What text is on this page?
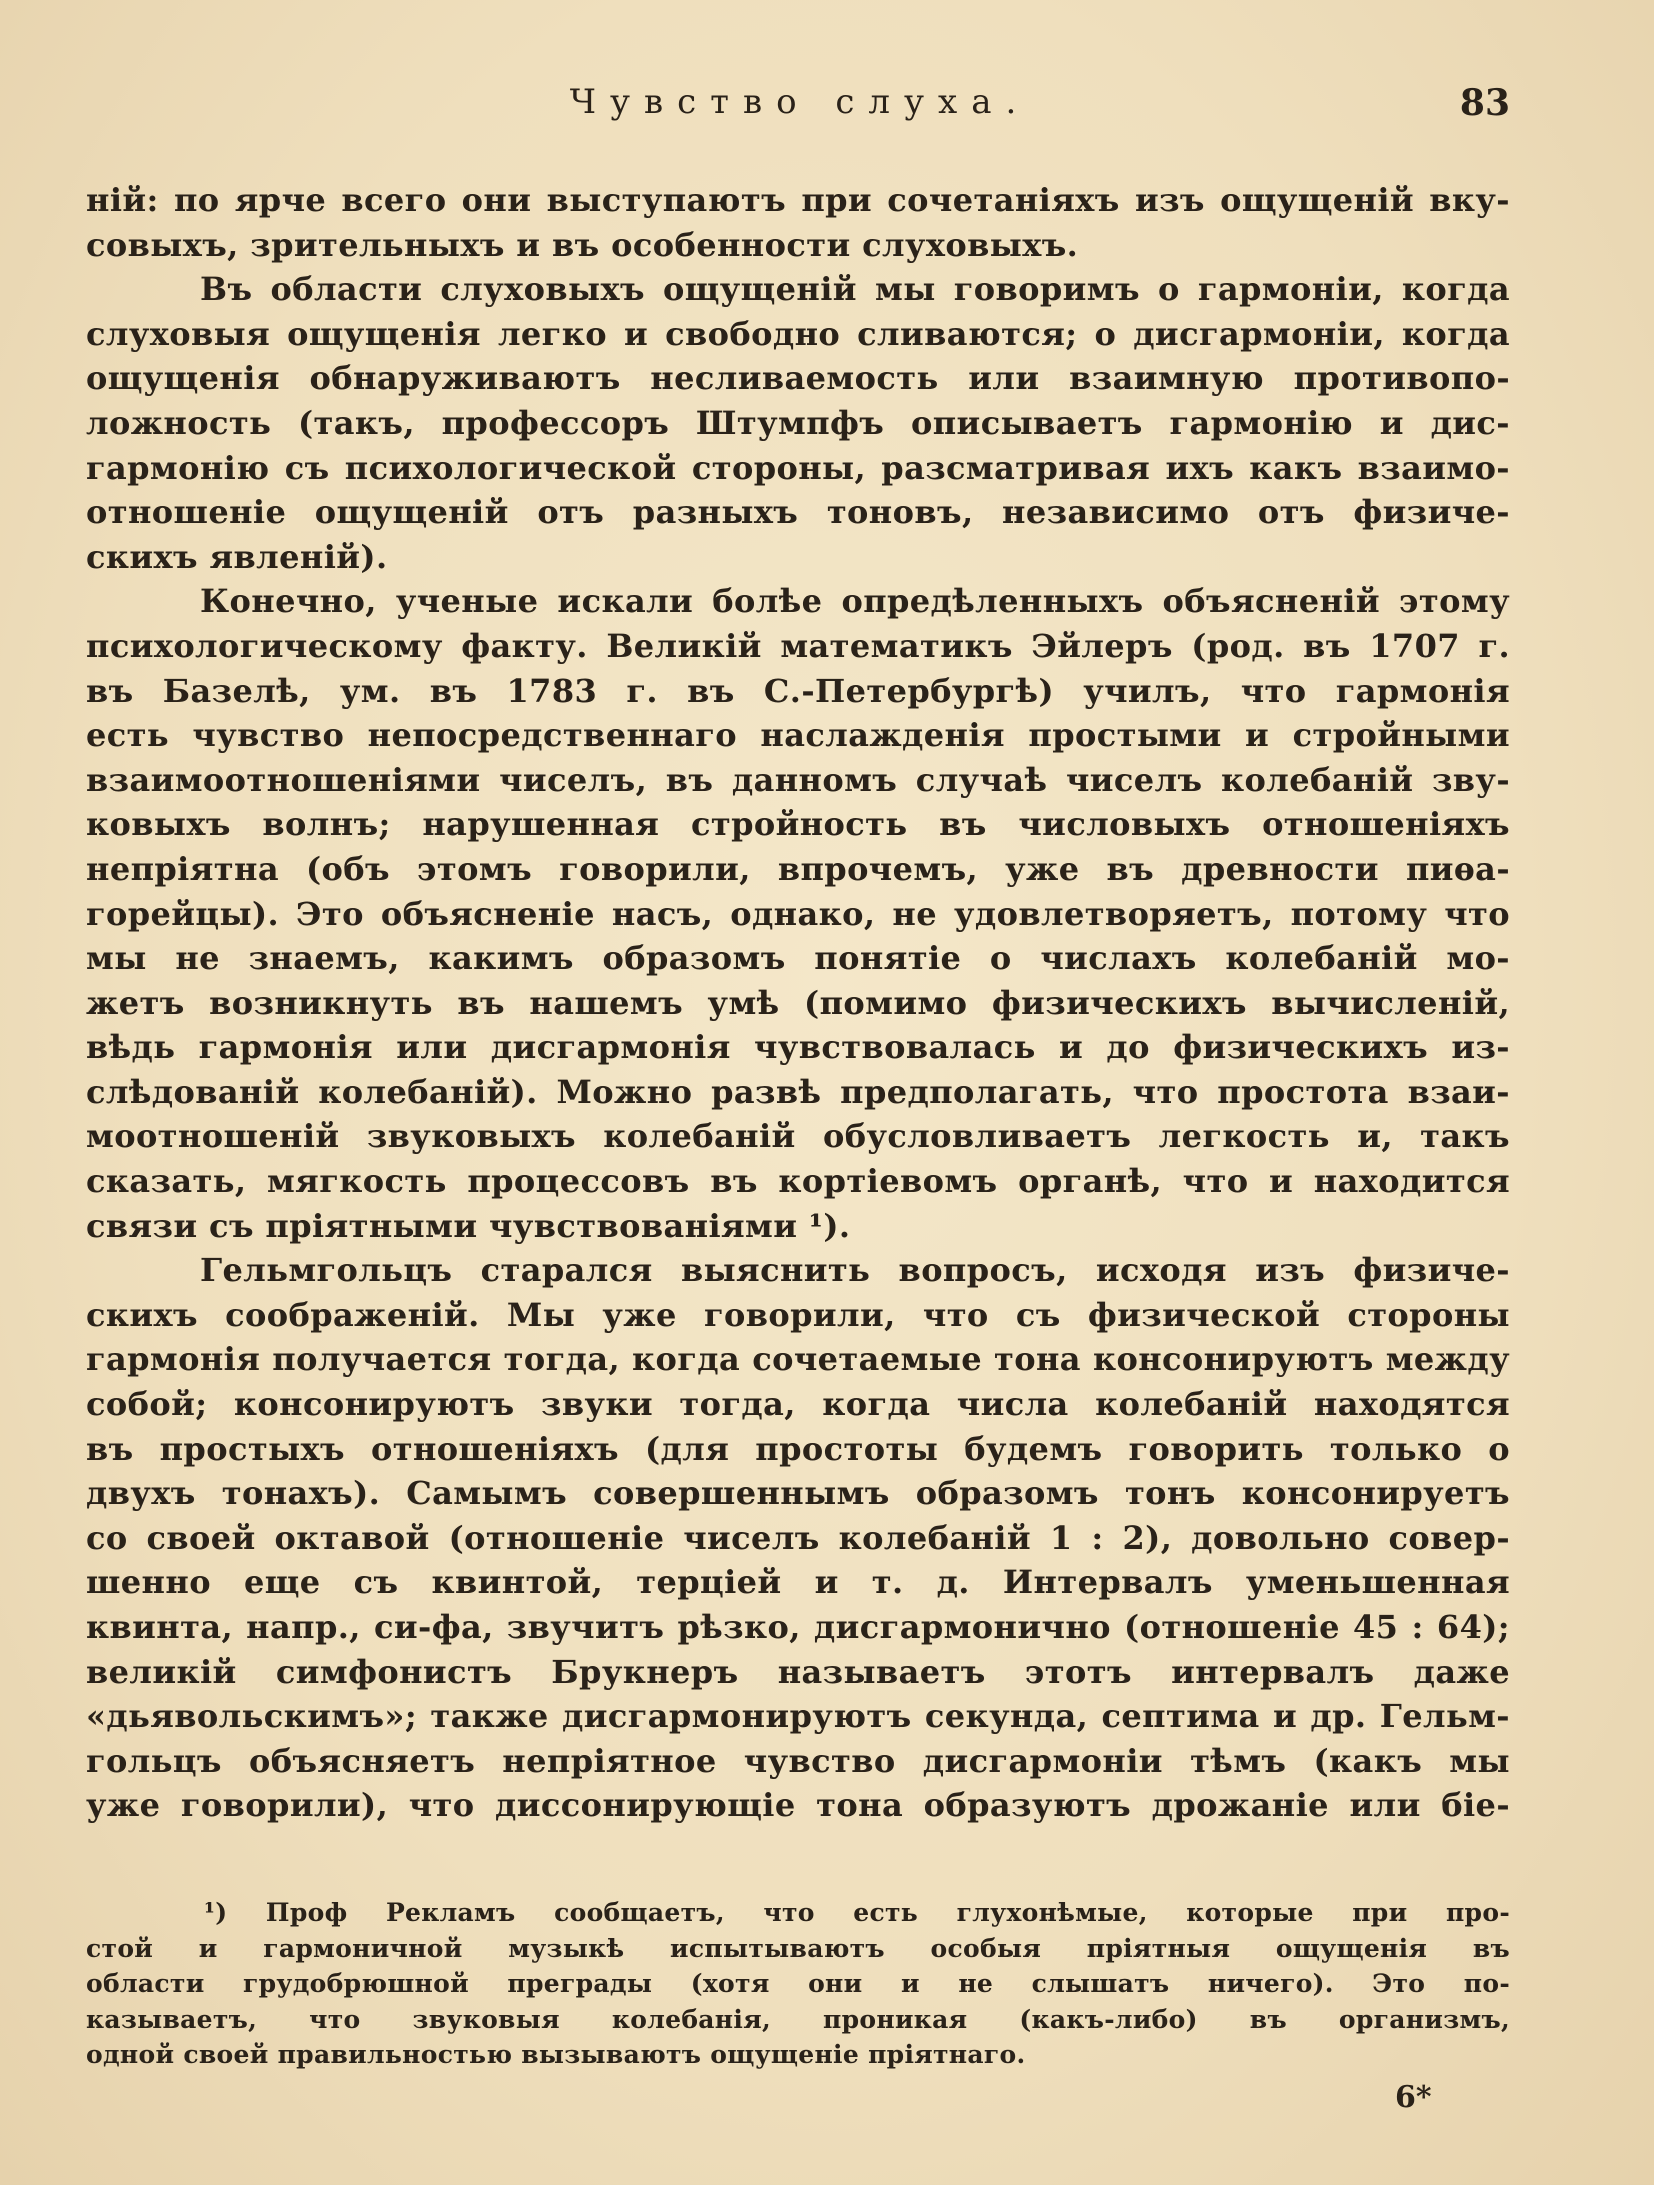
Чувство слуха.	83
ній: по ярче всего они выступаютъ при сочетаніяхъ изъ ощущеній вку-
совыхъ, зрительныхъ и въ особенности слуховыхъ.
Въ области слуховыхъ ощущеній мы говоримъ о гармоніи, когда
слуховыя ощущенія легко и свободно сливаются; о дисгармоніи, когда
ощущенія обнаруживаютъ несливаемость или взаимную противопо-
ложность (такъ, профессоръ Штумпфъ описываетъ гармонію и дис-
гармонію съ психологической стороны, разсматривая ихъ какъ взаимо-
отношеніе ощущеній отъ разныхъ тоновъ, независимо отъ физиче-
скихъ явленій).
Конечно, ученые искали болѣе опредѣленныхъ объясненій этому
психологическому факту. Великій математикъ Эйлеръ (род. въ 1707 г.
въ Базелѣ, ум. въ 1783 г. въ С.-Петербургѣ) училъ, что гармонія
есть чувство непосредственнаго наслажденія простыми и стройными
взаимоотношеніями чиселъ, въ данномъ случаѣ чиселъ колебаній зву-
ковыхъ волнъ; нарушенная стройность въ числовыхъ отношеніяхъ
непріятна (объ этомъ говорили, впрочемъ, уже въ древности пиѳа-
горейцы). Это объясненіе насъ, однако, не удовлетворяетъ, потому что
мы не знаемъ, какимъ образомъ понятіе о числахъ колебаній мо-
жетъ возникнуть въ нашемъ умѣ (помимо физическихъ вычисленій,
вѣдь гармонія или дисгармонія чувствовалась и до физическихъ из-
слѣдованій колебаній). Можно развѣ предполагать, что простота взаи-
моотношеній звуковыхъ колебаній обусловливаетъ легкость и, такъ
сказать, мягкость процессовъ въ кортіевомъ органѣ, что и находится
связи съ пріятными чувствованіями ¹).
Гельмгольцъ старался выяснить вопросъ, исходя изъ физиче-
скихъ соображеній. Мы уже говорили, что съ физической стороны
гармонія получается тогда, когда сочетаемые тона консонируютъ между
собой; консонируютъ звуки тогда, когда числа колебаній находятся
въ простыхъ отношеніяхъ (для простоты будемъ говорить только о
двухъ тонахъ). Самымъ совершеннымъ образомъ тонъ консонируетъ
со своей октавой (отношеніе чиселъ колебаній 1 : 2), довольно совер-
шенно еще съ квинтой, терціей и т. д. Интервалъ уменьшенная
квинта, напр., си-фа, звучитъ рѣзко, дисгармонично (отношеніе 45 : 64);
великій симфонистъ Брукнеръ называетъ этотъ интервалъ даже
«дьявольскимъ»; также дисгармонируютъ секунда, септима и др. Гельм-
гольцъ объясняетъ непріятное чувство дисгармоніи тѣмъ (какъ мы
уже говорили), что диссонирующіе тона образуютъ дрожаніе или біе-
¹) Проф Рекламъ сообщаетъ, что есть глухонѣмые, которые при про-
стой и гармоничной музыкѣ испытываютъ особыя пріятныя ощущенія въ
области грудобрюшной преграды (хотя они и не слышатъ ничего). Это по-
казываетъ, что звуковыя колебанія, проникая (какъ-либо) въ организмъ,
одной своей правильностью вызываютъ ощущеніе пріятнаго.
6*
